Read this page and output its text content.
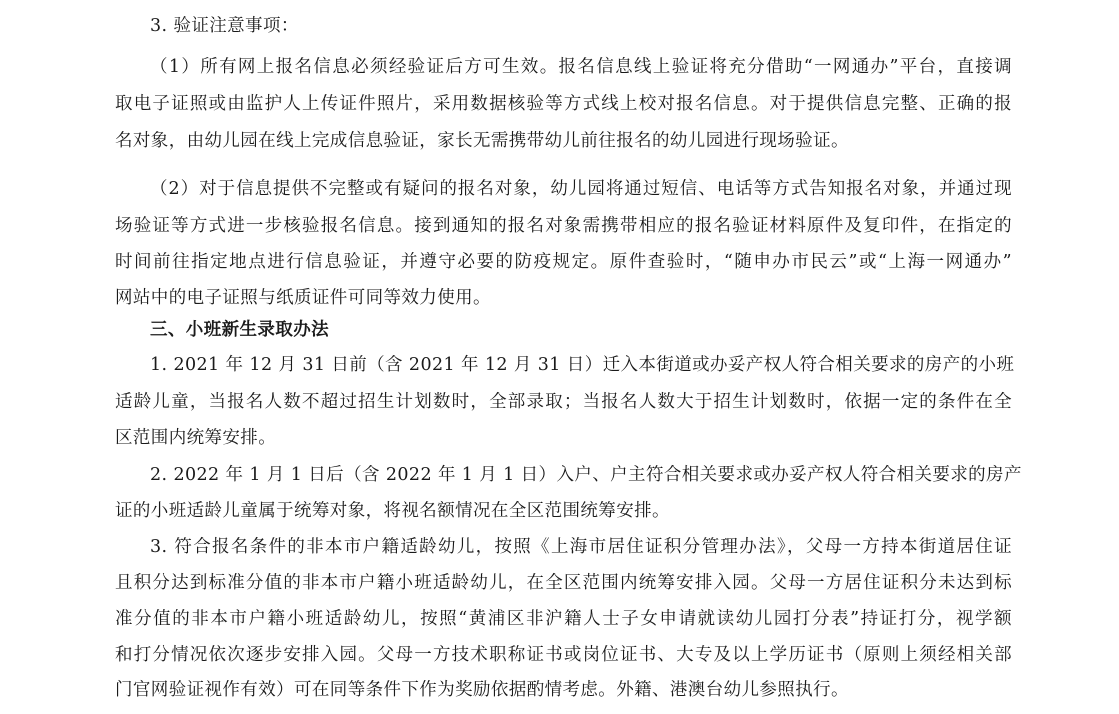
3. 验证注意事项：
（1）所有网上报名信息必须经验证后方可生效。报名信息线上验证将充分借助“一网通办”平台，直接调
取电子证照或由监护人上传证件照片，采用数据核验等方式线上校对报名信息。对于提供信息完整、正确的报
名对象，由幼儿园在线上完成信息验证，家长无需携带幼儿前往报名的幼儿园进行现场验证。
（2）对于信息提供不完整或有疑问的报名对象，幼儿园将通过短信、电话等方式告知报名对象，并通过现
场验证等方式进一步核验报名信息。接到通知的报名对象需携带相应的报名验证材料原件及复印件，在指定的
时间前往指定地点进行信息验证，并遵守必要的防疫规定。原件查验时，“随申办市民云”或“上海一网通办”
网站中的电子证照与纸质证件可同等效力使用。
三、小班新生录取办法
1. 2021 年 12 月 31 日前（含 2021 年 12 月 31 日）迁入本街道或办妥产权人符合相关要求的房产的小班
适龄儿童，当报名人数不超过招生计划数时，全部录取；当报名人数大于招生计划数时，依据一定的条件在全
区范围内统筹安排。
2. 2022 年 1 月 1 日后（含 2022 年 1 月 1 日）入户、户主符合相关要求或办妥产权人符合相关要求的房产
证的小班适龄儿童属于统筹对象，将视名额情况在全区范围统筹安排。
3. 符合报名条件的非本市户籍适龄幼儿，按照《上海市居住证积分管理办法》，父母一方持本街道居住证
且积分达到标准分值的非本市户籍小班适龄幼儿，在全区范围内统筹安排入园。父母一方居住证积分未达到标
准分值的非本市户籍小班适龄幼儿，按照“黄浦区非沪籍人士子女申请就读幼儿园打分表”持证打分，视学额
和打分情况依次逐步安排入园。父母一方技术职称证书或岗位证书、大专及以上学历证书（原则上须经相关部
门官网验证视作有效）可在同等条件下作为奖励依据酌情考虑。外籍、港澳台幼儿参照执行。
